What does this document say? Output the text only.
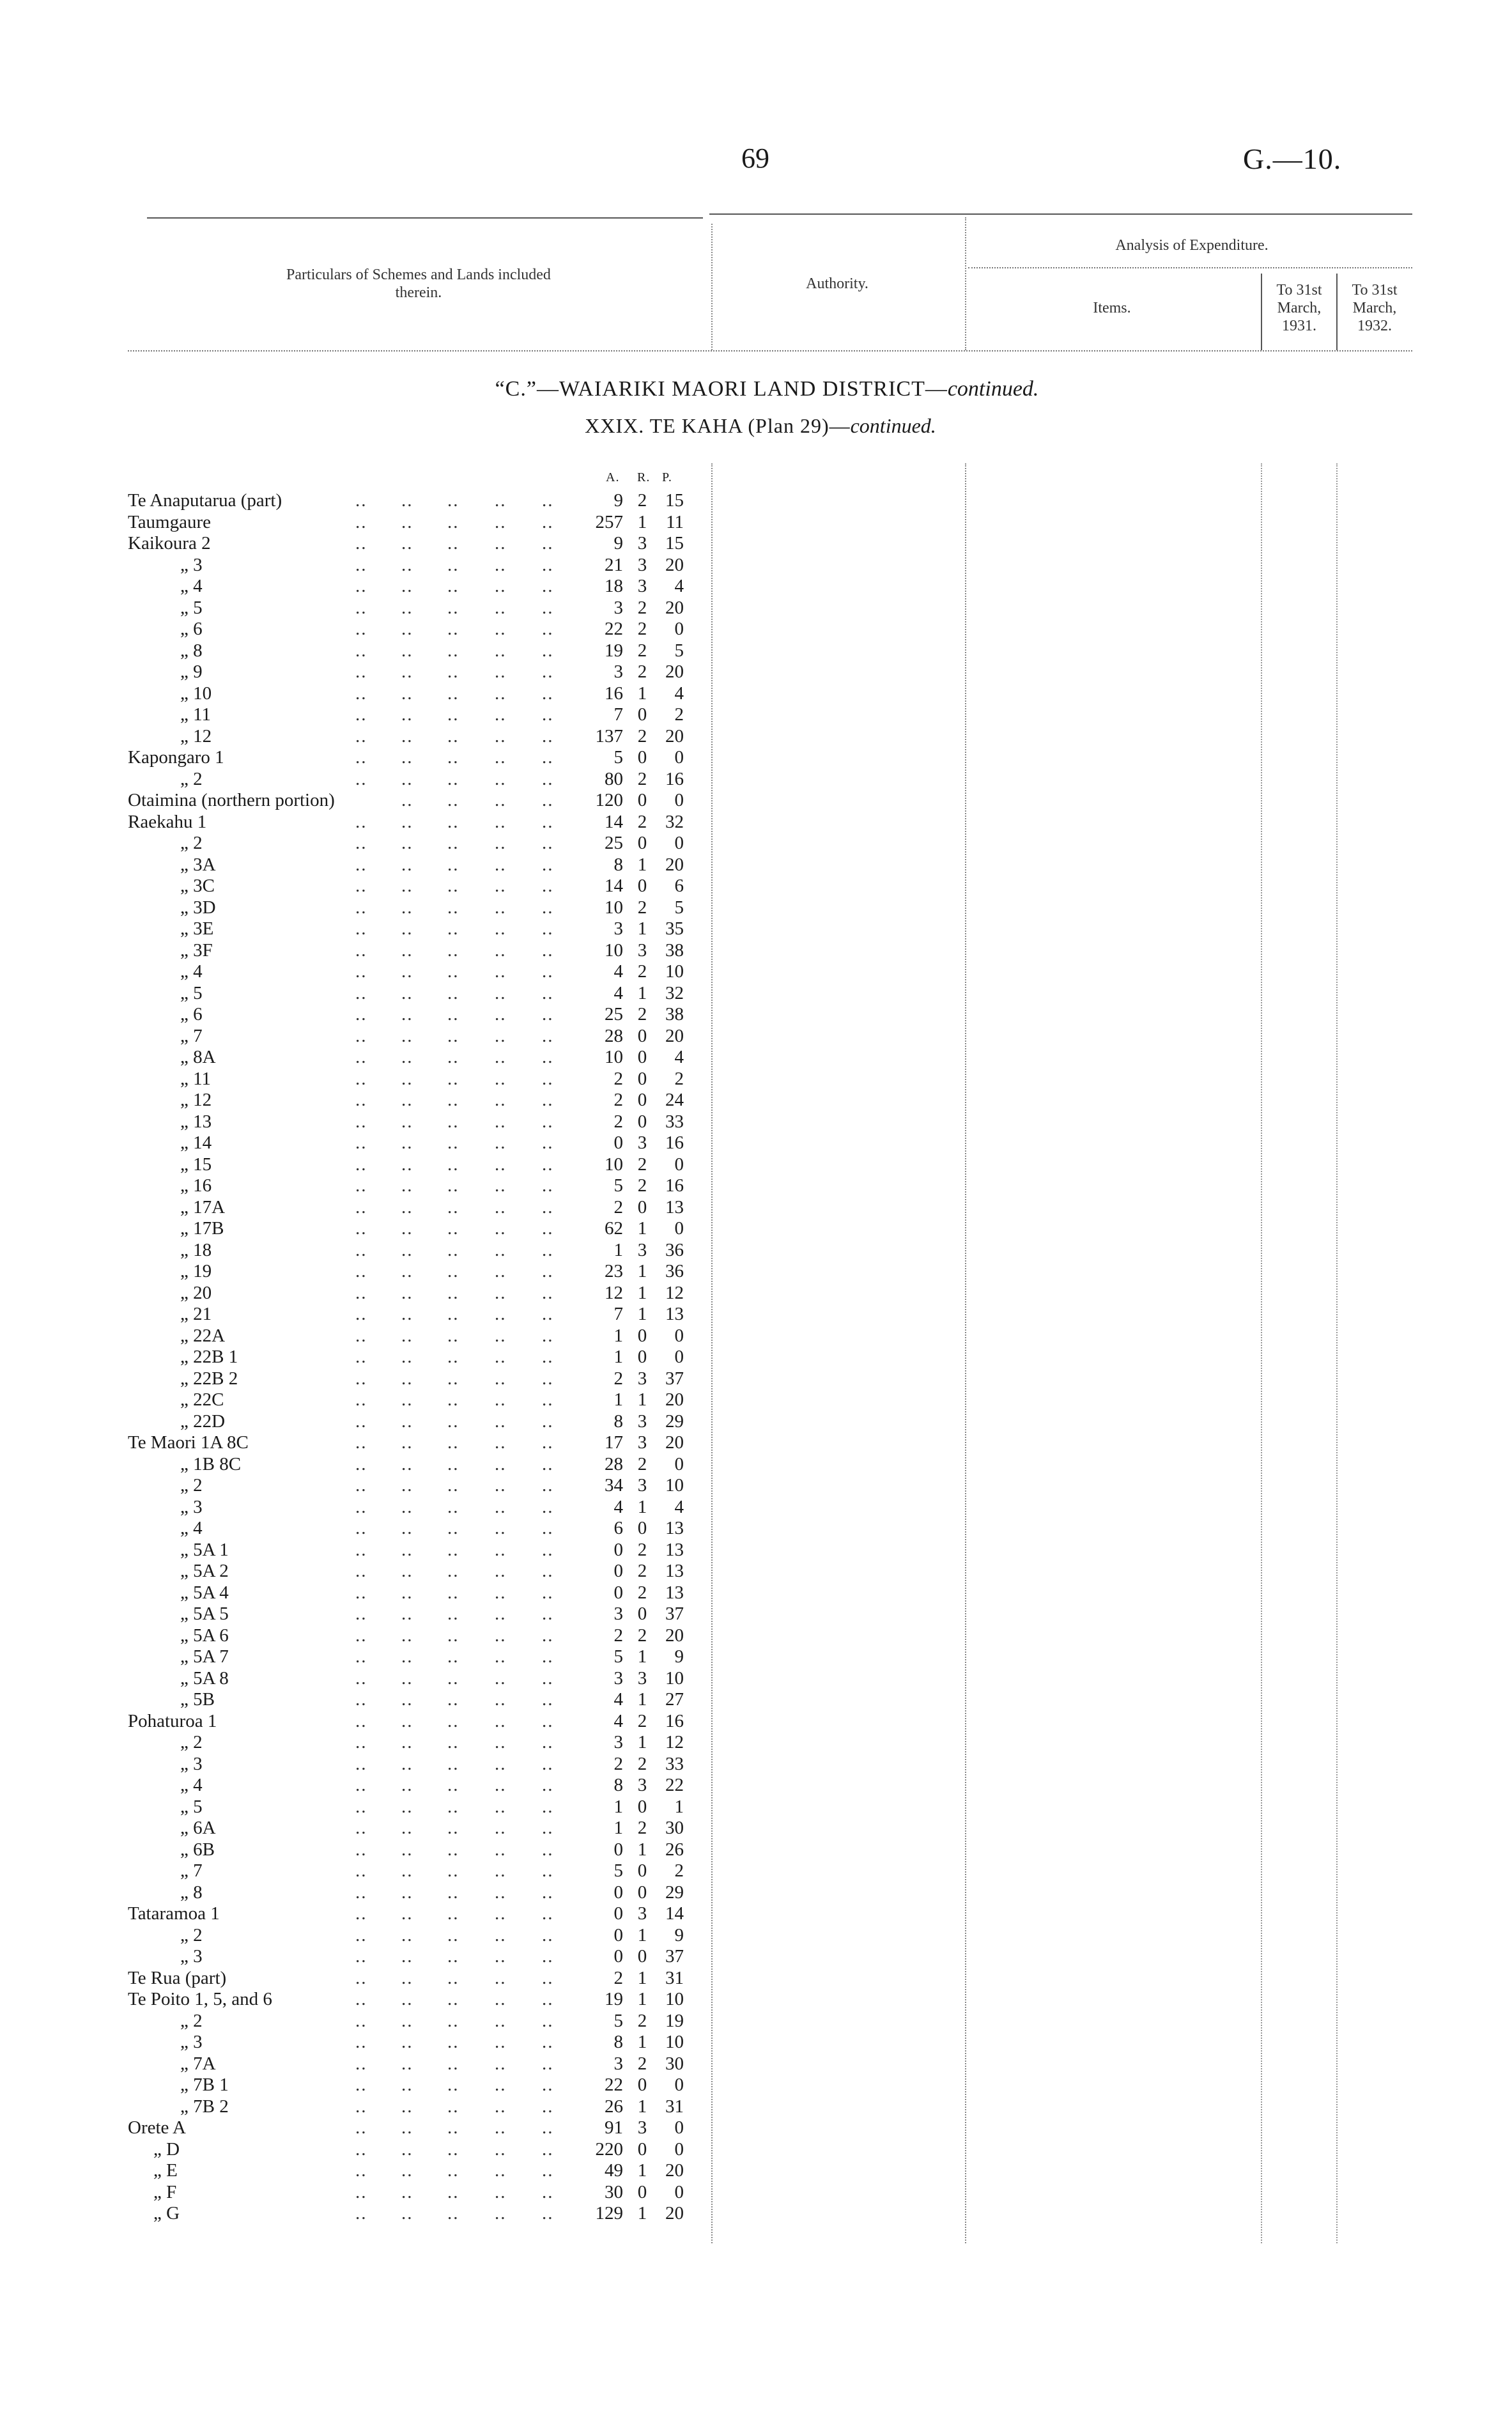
69	G.—10.
Particulars of Schemes and Lands included therein.
Authority.
Analysis of Expenditure.
Items.
To 31st March, 1931.
To 31st March, 1932.
“C.”—WAIARIKI MAORI LAND DISTRICT—continued.
XXIX. TE KAHA (Plan 29)—continued.
A. R. P.
Te Anaputarua (part)	.. .. .. .. ..	9 2 15
Taumgaure	.. .. .. .. ..	257 1	11
Kaikoura 2	.. .. .. .. ..	9 3 15
„ 3	.. .. .. .. ..	21 3 20
„ 4	.. .. .. .. ..	18 3	4
„ 5	.. .. .. .. ..	3 2 20
„ 6	.. .. .. .. ..	22 2	0
„ 8	.. .. .. .. ..	19 2	5
„ 9	.. .. .. .. ..	3 2 20
„ 10	.. .. .. .. ..	16 1	4
„ 11	.. .. .. .. ..	7 0	2
„ 12	.. .. .. .. ..	137 2 20
Kapongaro 1	.. .. .. .. ..	5 0	0
„ 2	.. .. .. .. ..	80 2 16
Otaimina (northern portion)	.. .. .. ..	120 0	0
Raekahu 1	.. .. .. .. ..	14 2 32
„ 2	.. .. .. .. ..	25 0	0
„ 3A	.. .. .. .. ..	8 1 20
„ 3C	.. .. .. .. ..	14 0	6
„ 3D	.. .. .. .. ..	10 2	5
„ 3E	.. .. .. .. ..	3 1 35
„ 3F	.. .. .. .. ..	10 3 38
„ 4	.. .. .. .. ..	4 2 10
„ 5	.. .. .. .. ..	4 1 32
„ 6	.. .. .. .. ..	25 2 38
„ 7	.. .. .. .. ..	28 0 20
„ 8A	.. .. .. .. ..	10 0	4
„ 11	.. .. .. .. ..	2 0	2
„ 12	.. .. .. .. ..	2 0 24
„ 13	.. .. .. .. ..	2 0 33
„ 14	.. .. .. .. ..	0 3 16
„ 15	.. .. .. .. ..	10 2	0
„ 16	.. .. .. .. ..	5 2 16
„ 17A	.. .. .. .. ..	2 0 13
„ 17B	.. .. .. .. ..	62 1	0
„ 18	.. .. .. .. ..	1 3 36
„ 19	.. .. .. .. ..	23 1 36
„ 20	.. .. .. .. ..	12 1 12
„ 21	.. .. .. .. ..	7 1 13
„ 22A	.. .. .. .. ..	1 0	0
„ 22B 1	.. .. .. .. ..	1 0	0
„ 22B 2	.. .. .. .. ..	2 3 37
„ 22C	.. .. .. .. ..	1 1 20
„ 22D	.. .. .. .. ..	8 3 29
Te Maori 1A 8C	.. .. .. .. ..	17 3 20
„ 1B 8C	.. .. .. .. ..	28 2	0
„ 2	.. .. .. .. ..	34 3 10
„ 3	.. .. .. .. ..	4 1	4
„ 4	.. .. .. .. ..	6 0 13
„ 5A 1	.. .. .. .. ..	0 2 13
„ 5A 2	.. .. .. .. ..	0 2 13
„ 5A 4	.. .. .. .. ..	0 2 13
„ 5A 5	.. .. .. .. ..	3 0 37
„ 5A 6	.. .. .. .. ..	2 2 20
„ 5A 7	.. .. .. .. ..	5 1	9
„ 5A 8	.. .. .. .. ..	3 3 10
„ 5B	.. .. .. .. ..	4 1 27
Pohaturoa 1	.. .. .. .. ..	4 2 16
„ 2	.. .. .. .. ..	3 1 12
„ 3	.. .. .. .. ..	2 2 33
„ 4	.. .. .. .. ..	8 3 22
„ 5	.. .. .. .. ..	1 0	1
„ 6A	.. .. .. .. ..	1 2 30
„ 6B	.. .. .. .. ..	0 1 26
„ 7	.. .. .. .. ..	5 0	2
„ 8	.. .. .. .. ..	0 0 29
Tataramoa 1	.. .. .. .. ..	0 3 14
„ 2	.. .. .. .. ..	0 1	9
„ 3	.. .. .. .. ..	0 0 37
Te Rua (part)	.. .. .. .. ..	2 1 31
Te Poito 1, 5, and 6	.. .. .. .. ..	19 1 10
„ 2	.. .. .. .. ..	5 2 19
„ 3	.. .. .. .. ..	8 1 10
„ 7A	.. .. .. .. ..	3 2 30
„ 7B 1	.. .. .. .. ..	22 0	0
„ 7B 2	.. .. .. .. ..	26 1 31
Orete A	.. .. .. .. ..	91 3	0
„ D	.. .. .. .. ..	220 0	0
„ E	.. .. .. .. ..	49 1 20
„ F	.. .. .. .. ..	30 0	0
„ G	.. .. .. .. ..	129 1 20
